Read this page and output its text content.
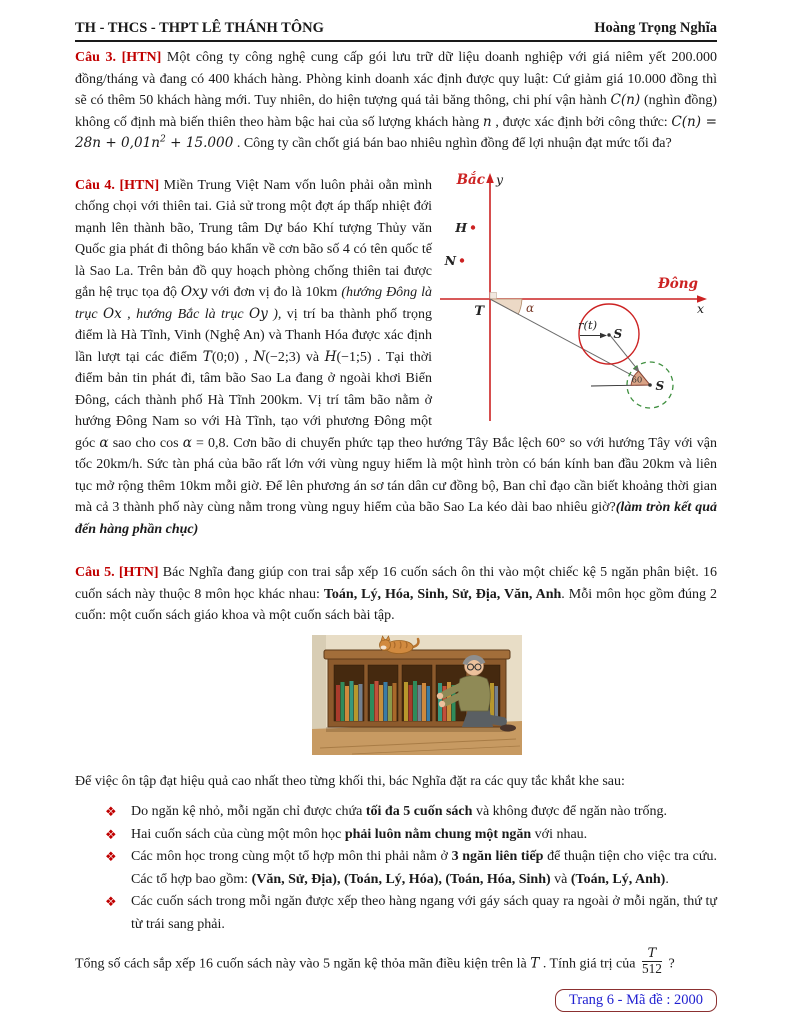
TH - THCS - THPT LÊ THÁNH TÔNG	Hoàng Trọng Nghĩa

Câu 3. [HTN] Một công ty công nghệ cung cấp gói lưu trữ dữ liệu doanh nghiệp với giá niêm yết 200.000 đồng/tháng và đang có 400 khách hàng. Phòng kinh doanh xác định được quy luật: Cứ giảm giá 10.000 đồng thì sẽ có thêm 50 khách hàng mới. Tuy nhiên, do hiện tượng quá tải băng thông, chi phí vận hành C(n) (nghìn đồng) không cố định mà biến thiên theo hàm bậc hai của số lượng khách hàng n , được xác định bởi công thức: $C(n) = 28n + 0,01n^2 + 15.000$ . Công ty cần chốt giá bán bao nhiêu nghìn đồng để lợi nhuận đạt mức tối đa?

Bắc y
Đông
x
H
N
T	α
r(t)
S
S
60

Câu 4. [HTN] Miền Trung Việt Nam vốn luôn phải oằn mình chống chọi với thiên tai. Giả sử trong một đợt áp thấp nhiệt đới mạnh lên thành bão, Trung tâm Dự báo Khí tượng Thủy văn Quốc gia phát đi thông báo khẩn về cơn bão số 4 có tên quốc tế là Sao La. Trên bản đồ quy hoạch phòng chống thiên tai được gắn hệ trục tọa độ Oxy với đơn vị đo là 10km (hướng Đông là trục Ox , hướng Bắc là trục Oy ), vị trí ba thành phố trọng điểm là Hà Tĩnh, Vinh (Nghệ An) và Thanh Hóa được xác định lần lượt tại các điểm T(0;0) , N(−2;3) và H(−1;5) . Tại thời điểm bản tin phát đi, tâm bão Sao La đang ở ngoài khơi Biển Đông, cách thành phố Hà Tĩnh 200km. Vị trí tâm bão nằm ở hướng Đông Nam so với Hà Tĩnh, tạo với phương Đông một góc α sao cho cos α = 0,8. Cơn bão di chuyển phức tạp theo hướng Tây Bắc lệch 60° so với hướng Tây với vận tốc 20km/h. Sức tàn phá của bão rất lớn với vùng nguy hiểm là một hình tròn có bán kính ban đầu 20km và liên tục mở rộng thêm 10km mỗi giờ. Để lên phương án sơ tán dân cư đồng bộ, Ban chỉ đạo cần biết khoảng thời gian mà cả 3 thành phố này cùng nằm trong vùng nguy hiểm của bão Sao La kéo dài bao nhiêu giờ?(làm tròn kết quả đến hàng phần chục)

Câu 5. [HTN] Bác Nghĩa đang giúp con trai sắp xếp 16 cuốn sách ôn thi vào một chiếc kệ 5 ngăn phân biệt. 16 cuốn sách này thuộc 8 môn học khác nhau: Toán, Lý, Hóa, Sinh, Sử, Địa, Văn, Anh. Mỗi môn học gồm đúng 2 cuốn: một cuốn sách giáo khoa và một cuốn sách bài tập.

Để việc ôn tập đạt hiệu quả cao nhất theo từng khối thi, bác Nghĩa đặt ra các quy tắc khắt khe sau:

❖	Do ngăn kệ nhỏ, mỗi ngăn chỉ được chứa tối đa 5 cuốn sách và không được để ngăn nào trống.
❖	Hai cuốn sách của cùng một môn học phải luôn nằm chung một ngăn với nhau.
❖	Các môn học trong cùng một tổ hợp môn thi phải nằm ở 3 ngăn liên tiếp để thuận tiện cho việc tra cứu. Các tổ hợp bao gồm: (Văn, Sử, Địa), (Toán, Lý, Hóa), (Toán, Hóa, Sinh) và (Toán, Lý, Anh).
❖	Các cuốn sách trong mỗi ngăn được xếp theo hàng ngang với gáy sách quay ra ngoài ở mỗi ngăn, thứ tự từ trái sang phải.

Tổng số cách sắp xếp 16 cuốn sách này vào 5 ngăn kệ thỏa mãn điều kiện trên là T . Tính giá trị của $\frac{T}{512}$ ?

Trang 6 - Mã đề : 2000
